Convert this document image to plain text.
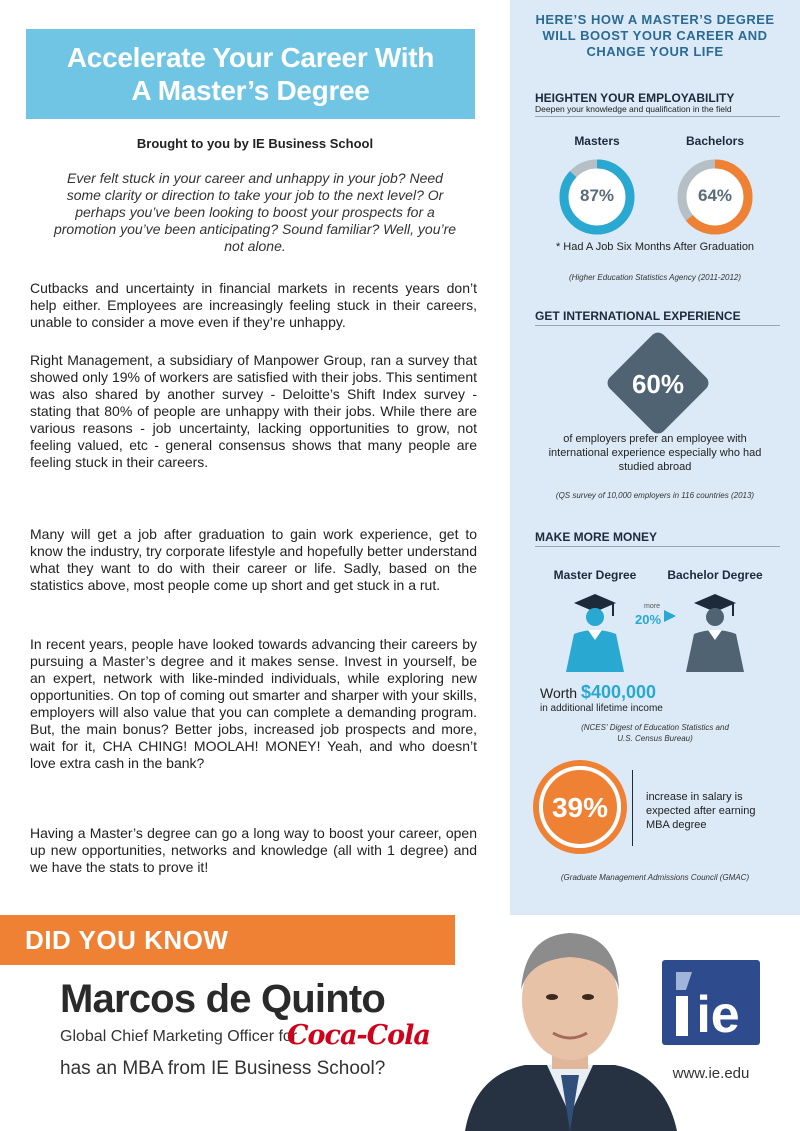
Accelerate Your Career With
A Master’s Degree
Brought to you by IE Business School
Ever felt stuck in your career and unhappy in your job? Need some clarity or direction to take your job to the next level? Or perhaps you’ve been looking to boost your prospects for a promotion you’ve been anticipating? Sound familiar? Well, you’re not alone.
Cutbacks and uncertainty in financial markets in recents years don’t help either. Employees are increasingly feeling stuck in their careers, unable to consider a move even if they’re unhappy.
Right Management, a subsidiary of Manpower Group, ran a survey that showed only 19% of workers are satisfied with their jobs. This sentiment was also shared by another survey - Deloitte’s Shift Index survey - stating that 80% of people are unhappy with their jobs. While there are various reasons - job uncertainty, lacking opportunities to grow, not feeling valued, etc - general consensus shows that many people are feeling stuck in their careers.
Many will get a job after graduation to gain work experience, get to know the industry, try corporate lifestyle and hopefully better understand what they want to do with their career or life. Sadly, based on the statistics above, most people come up short and get stuck in a rut.
In recent years, people have looked towards advancing their careers by pursuing a Master’s degree and it makes sense. Invest in yourself, be an expert, network with like-minded individuals, while exploring new opportunities. On top of coming out smarter and sharper with your skills, employers will also value that you can complete a demanding program. But, the main bonus? Better jobs, increased job prospects and more, wait for it, CHA CHING! MOOLAH! MONEY! Yeah, and who doesn’t love extra cash in the bank?
Having a Master’s degree can go a long way to boost your career, open up new opportunities, networks and knowledge (all with 1 degree) and we have the stats to prove it!
HERE’S HOW A MASTER’S DEGREE
WILL BOOST YOUR CAREER AND
CHANGE YOUR LIFE
HEIGHTEN YOUR EMPLOYABILITY
Deepen your knowledge and qualification in the field
Masters	Bachelors
87%	64%
* Had A Job Six Months After Graduation
(Higher Education Statistics Agency (2011-2012)
GET INTERNATIONAL EXPERIENCE
60%
of employers prefer an employee with international experience especially who had studied abroad
(QS survey of 10,000 employers in 116 countries (2013)
MAKE MORE MONEY
Master Degree	Bachelor Degree
more
20%
Worth $400,000
in additional lifetime income
(NCES' Digest of Education Statistics and
U.S. Census Bureau)
39%	increase in salary is expected after earning MBA degree
(Graduate Management Admissions Council (GMAC)
DID YOU KNOW
Marcos de Quinto
Global Chief Marketing Officer for
Coca-Cola
has an MBA from IE Business School?
ie
www.ie.edu
